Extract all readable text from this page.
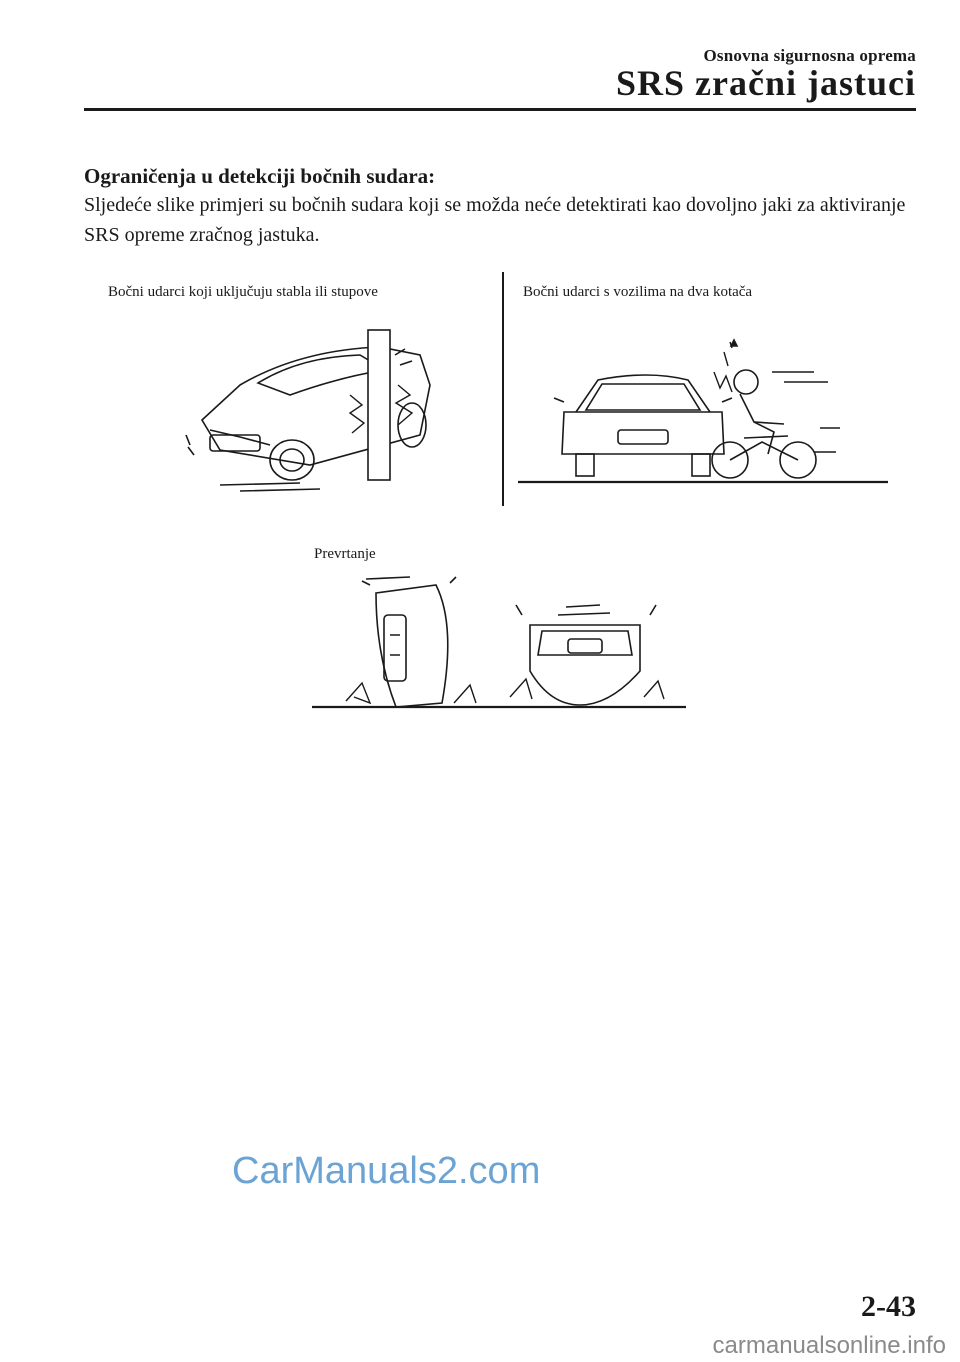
Osnovna sigurnosna oprema
SRS zračni jastuci
Ograničenja u detekciji bočnih sudara:
Sljedeće slike primjeri su bočnih sudara koji se možda neće detektirati kao dovoljno jaki za aktiviranje SRS opreme zračnog jastuka.
Bočni udarci koji uključuju stabla ili stupove	Bočni udarci s vozilima na dva kotača
Prevrtanje
CarManuals2.com
2-43
carmanualsonline.info
